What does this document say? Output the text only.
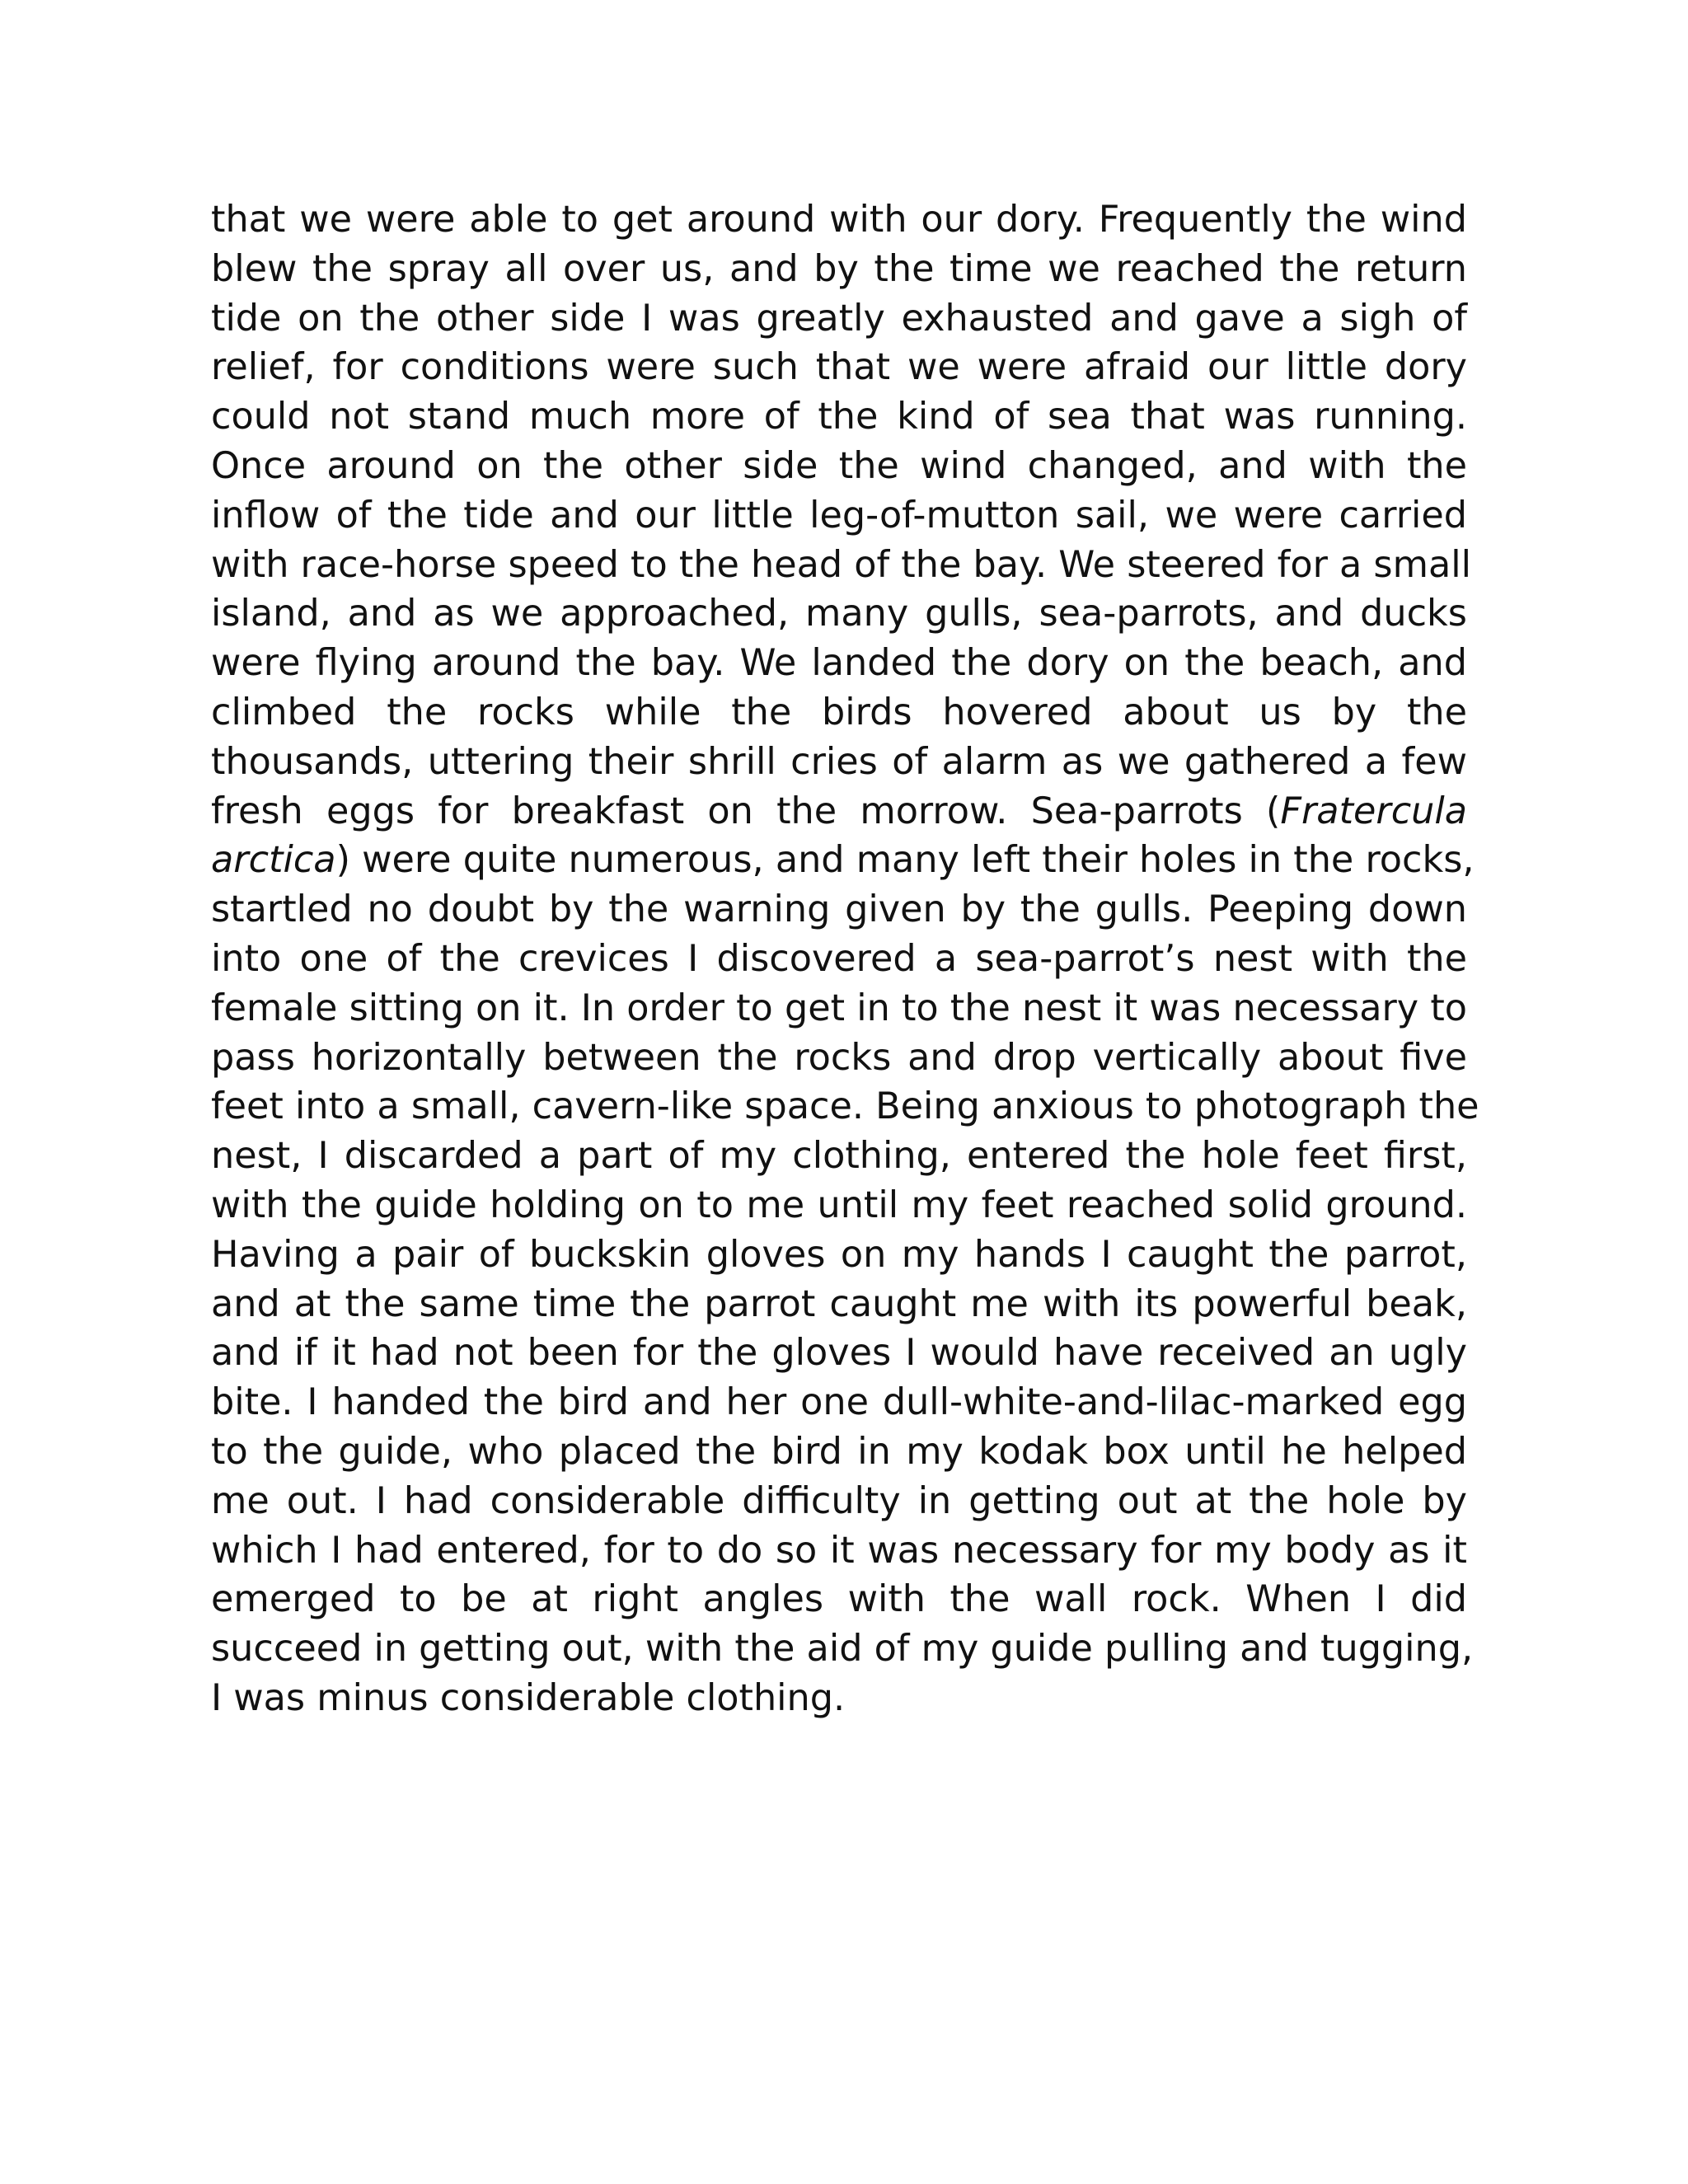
that we were able to get around with our dory. Frequently the wind
blew the spray all over us, and by the time we reached the return
tide on the other side I was greatly exhausted and gave a sigh of
relief, for conditions were such that we were afraid our little dory
could not stand much more of the kind of sea that was running.
Once around on the other side the wind changed, and with the
inflow of the tide and our little leg-of-mutton sail, we were carried
with race-horse speed to the head of the bay. We steered for a small
island, and as we approached, many gulls, sea-parrots, and ducks
were flying around the bay. We landed the dory on the beach, and
climbed the rocks while the birds hovered about us by the
thousands, uttering their shrill cries of alarm as we gathered a few
fresh eggs for breakfast on the morrow. Sea-parrots (Fratercula
arctica) were quite numerous, and many left their holes in the rocks,
startled no doubt by the warning given by the gulls. Peeping down
into one of the crevices I discovered a sea-parrot’s nest with the
female sitting on it. In order to get in to the nest it was necessary to
pass horizontally between the rocks and drop vertically about five
feet into a small, cavern-like space. Being anxious to photograph the
nest, I discarded a part of my clothing, entered the hole feet first,
with the guide holding on to me until my feet reached solid ground.
Having a pair of buckskin gloves on my hands I caught the parrot,
and at the same time the parrot caught me with its powerful beak,
and if it had not been for the gloves I would have received an ugly
bite. I handed the bird and her one dull-white-and-lilac-marked egg
to the guide, who placed the bird in my kodak box until he helped
me out. I had considerable difficulty in getting out at the hole by
which I had entered, for to do so it was necessary for my body as it
emerged to be at right angles with the wall rock. When I did
succeed in getting out, with the aid of my guide pulling and tugging,
I was minus considerable clothing.
